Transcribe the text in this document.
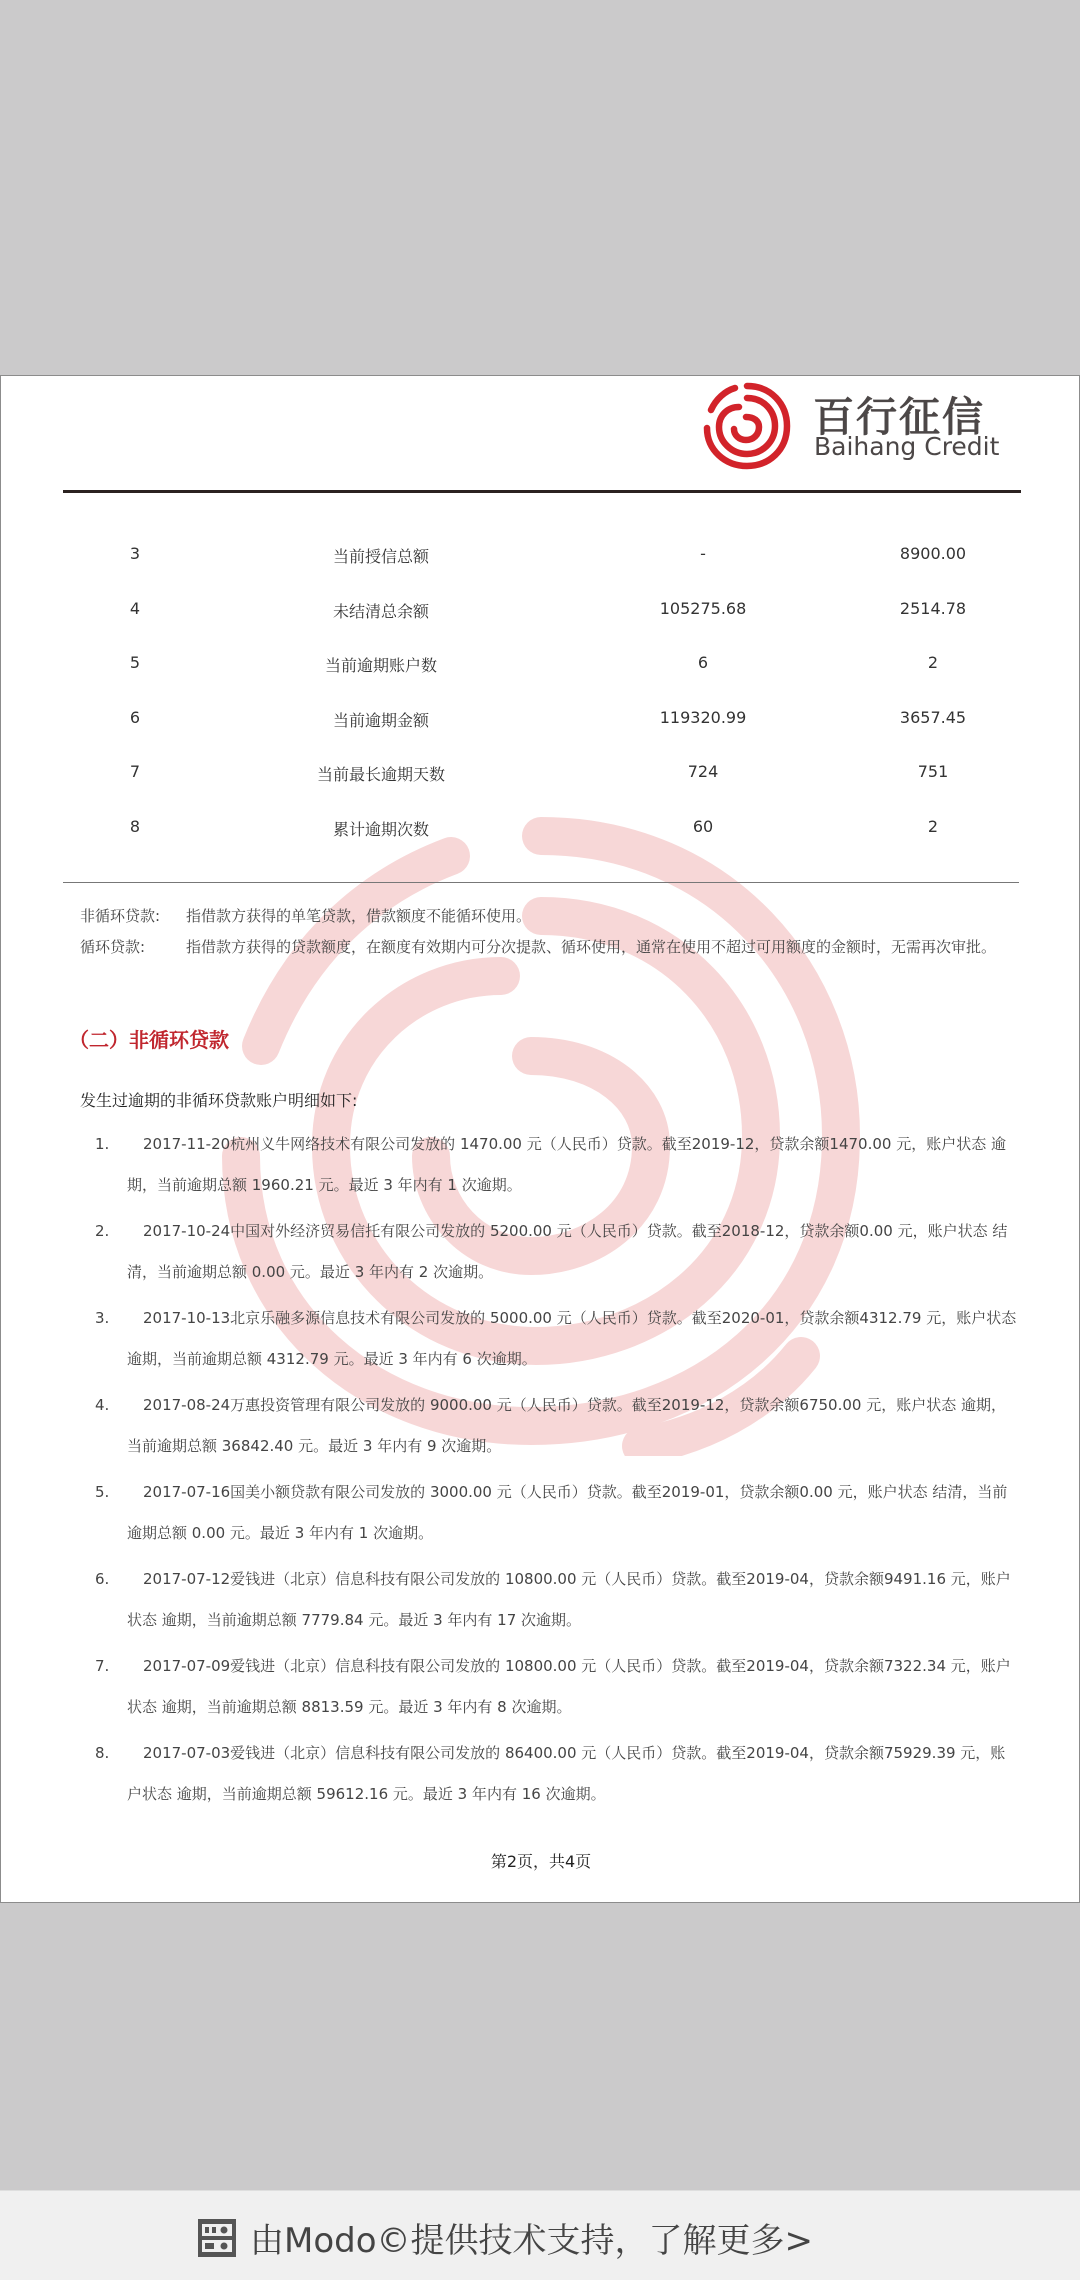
百行征信
Baihang Credit
3	当前授信总额	-	8900.00
4	未结清总余额	105275.68	2514.78
5	当前逾期账户数	6	2
6	当前逾期金额	119320.99	3657.45
7	当前最长逾期天数	724	751
8	累计逾期次数	60	2
非循环贷款: 指借款方获得的单笔贷款，借款额度不能循环使用。
循环贷款:	指借款方获得的贷款额度，在额度有效期内可分次提款、循环使用，通常在使用不超过可用额度的金额时，无需再次审批。
（二）非循环贷款
发生过逾期的非循环贷款账户明细如下:
1.	2017-11-20杭州义牛网络技术有限公司发放的 1470.00 元（人民币）贷款。截至2019-12，贷款余额1470.00 元，账户状态 逾期，当前逾期总额 1960.21 元。最近 3 年内有 1 次逾期。
2.	2017-10-24中国对外经济贸易信托有限公司发放的 5200.00 元（人民币）贷款。截至2018-12，贷款余额0.00 元，账户状态 结清，当前逾期总额 0.00 元。最近 3 年内有 2 次逾期。
3.	2017-10-13北京乐融多源信息技术有限公司发放的 5000.00 元（人民币）贷款。截至2020-01，贷款余额4312.79 元，账户状态 逾期，当前逾期总额 4312.79 元。最近 3 年内有 6 次逾期。
4.	2017-08-24万惠投资管理有限公司发放的 9000.00 元（人民币）贷款。截至2019-12，贷款余额6750.00 元，账户状态 逾期，当前逾期总额 36842.40 元。最近 3 年内有 9 次逾期。
5.	2017-07-16国美小额贷款有限公司发放的 3000.00 元（人民币）贷款。截至2019-01，贷款余额0.00 元，账户状态 结清，当前逾期总额 0.00 元。最近 3 年内有 1 次逾期。
6.	2017-07-12爱钱进（北京）信息科技有限公司发放的 10800.00 元（人民币）贷款。截至2019-04，贷款余额9491.16 元，账户状态 逾期，当前逾期总额 7779.84 元。最近 3 年内有 17 次逾期。
7.	2017-07-09爱钱进（北京）信息科技有限公司发放的 10800.00 元（人民币）贷款。截至2019-04，贷款余额7322.34 元，账户状态 逾期，当前逾期总额 8813.59 元。最近 3 年内有 8 次逾期。
8.	2017-07-03爱钱进（北京）信息科技有限公司发放的 86400.00 元（人民币）贷款。截至2019-04，贷款余额75929.39 元，账户状态 逾期，当前逾期总额 59612.16 元。最近 3 年内有 16 次逾期。
第2页，共4页
由Modo©提供技术支持，了解更多>
